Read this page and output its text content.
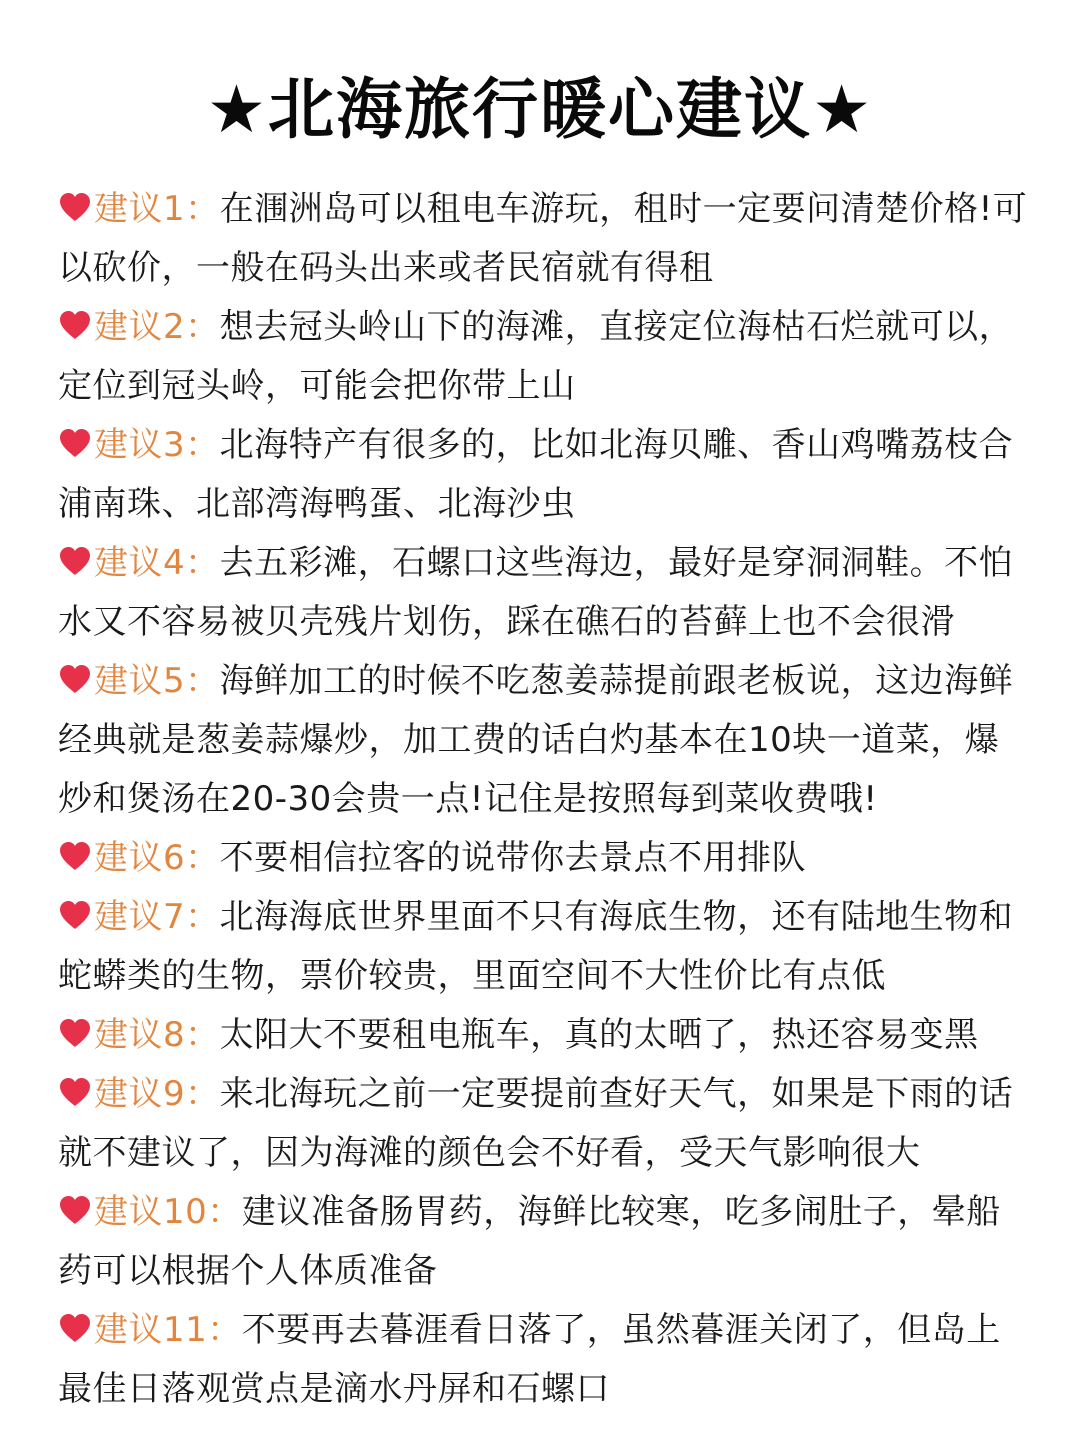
★北海旅行暖心建议★

建议1：在涠洲岛可以租电车游玩，租时一定要问清楚价格!可以砍价，一般在码头出来或者民宿就有得租

建议2：想去冠头岭山下的海滩，直接定位海枯石烂就可以，定位到冠头岭，可能会把你带上山

建议3：北海特产有很多的，比如北海贝雕、香山鸡嘴荔枝合浦南珠、北部湾海鸭蛋、北海沙虫

建议4：去五彩滩，石螺口这些海边，最好是穿洞洞鞋。不怕水又不容易被贝壳残片划伤，踩在礁石的苔藓上也不会很滑

建议5：海鲜加工的时候不吃葱姜蒜提前跟老板说，这边海鲜经典就是葱姜蒜爆炒，加工费的话白灼基本在10块一道菜，爆炒和煲汤在20-30会贵一点!记住是按照每到菜收费哦!

建议6：不要相信拉客的说带你去景点不用排队

建议7：北海海底世界里面不只有海底生物，还有陆地生物和蛇蟒类的生物，票价较贵，里面空间不大性价比有点低

建议8：太阳大不要租电瓶车，真的太晒了，热还容易变黑

建议9：来北海玩之前一定要提前查好天气，如果是下雨的话就不建议了，因为海滩的颜色会不好看，受天气影响很大

建议10：建议准备肠胃药，海鲜比较寒，吃多闹肚子，晕船药可以根据个人体质准备

建议11：不要再去暮涯看日落了，虽然暮涯关闭了，但岛上最佳日落观赏点是滴水丹屏和石螺口
